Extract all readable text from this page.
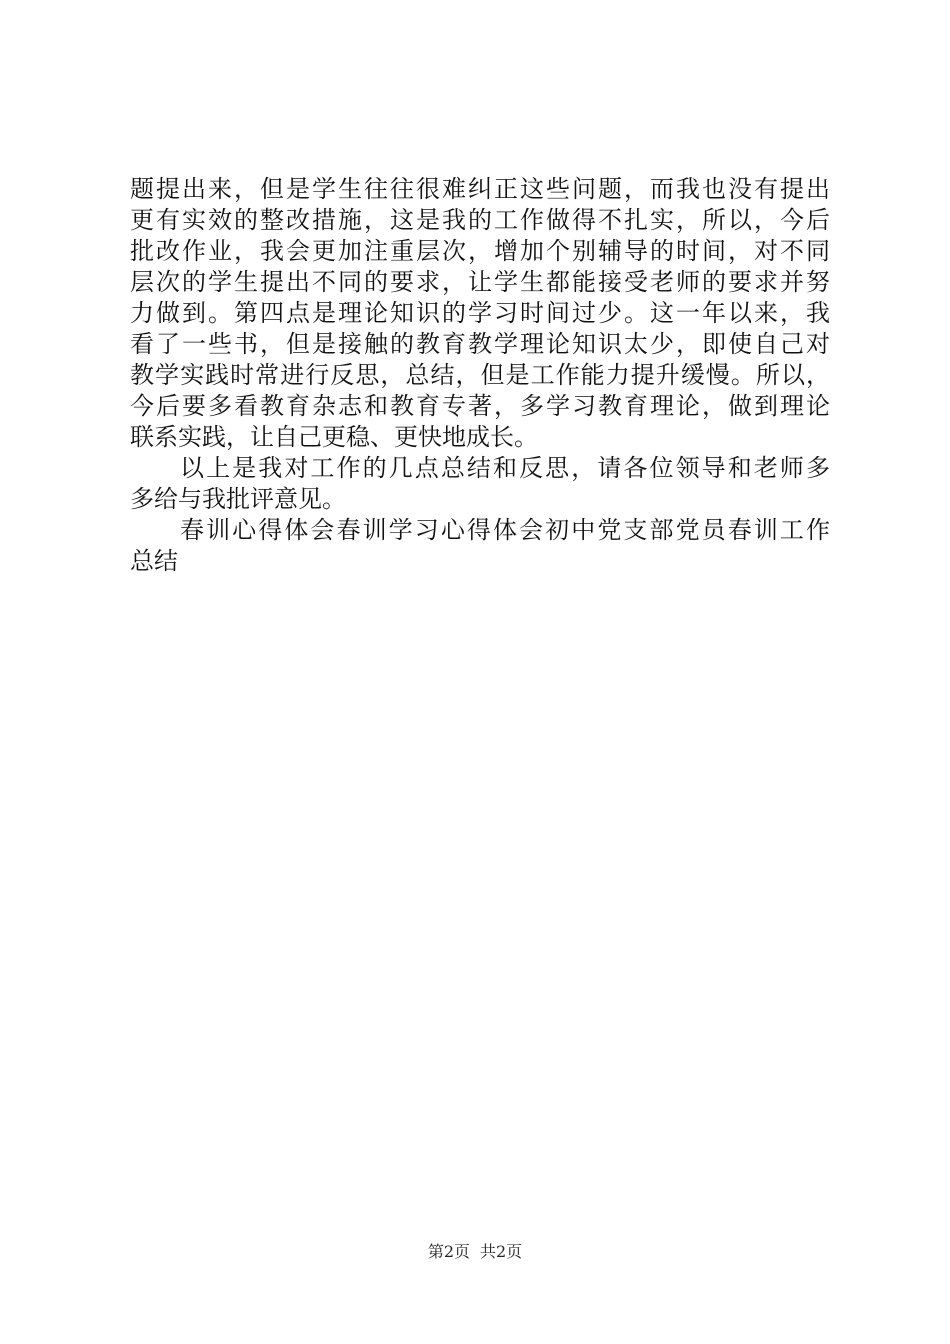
题提出来，但是学生往往很难纠正这些问题，而我也没有提出
更有实效的整改措施，这是我的工作做得不扎实，所以，今后
批改作业，我会更加注重层次，增加个别辅导的时间，对不同
层次的学生提出不同的要求，让学生都能接受老师的要求并努
力做到。第四点是理论知识的学习时间过少。这一年以来，我
看了一些书，但是接触的教育教学理论知识太少，即使自己对
教学实践时常进行反思，总结，但是工作能力提升缓慢。所以，
今后要多看教育杂志和教育专著，多学习教育理论，做到理论
联系实践，让自己更稳、更快地成长。
以上是我对工作的几点总结和反思，请各位领导和老师多
多给与我批评意见。
春训心得体会春训学习心得体会初中党支部党员春训工作
总结
第2页 共2页
